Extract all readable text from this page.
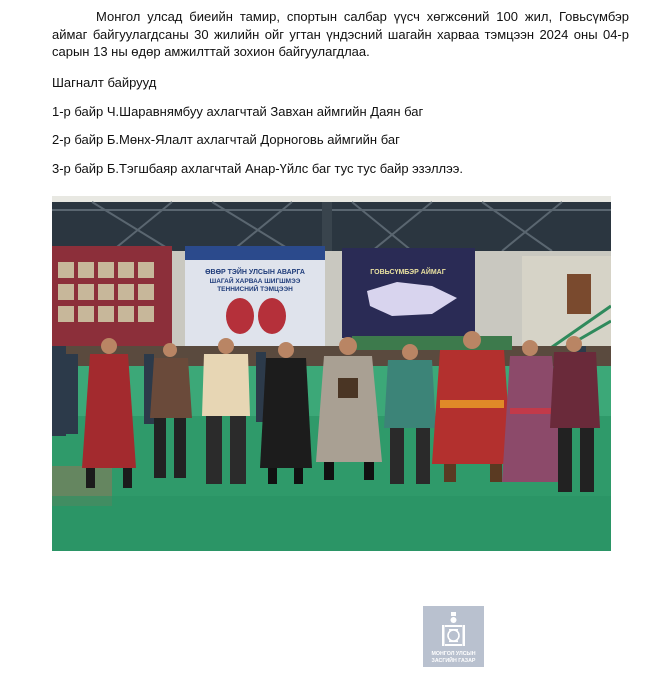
Монгол улсад биеийн тамир, спортын салбар үүсч хөгжсөний 100 жил, Говьсүмбэр аймаг байгуулагдсаны 30 жилийн ойг угтан үндэсний шагайн харваа тэмцээн 2024 оны 04-р сарын 13 ны өдөр амжилттай зохион байгуулагдлаа.

Шагналт байрууд

1-р байр Ч.Шаравнямбуу ахлагчтай Завхан аймгийн Даян баг

2-р байр Б.Мөнх-Ялалт ахлагчтай Дорноговь аймгийн баг

3-р байр Б.Тэгшбаяр ахлагчтай Анар-Үйлс баг тус тус байр эзэллээ.

ӨВӨР ТЭЙН УЛСЫН АВАРГА
ШАГАЙ ХАРВАА ШИГШМЭЭ
ТЕННИСНИЙ ТЭМЦЭЭН
ГОВЬСҮМБЭР АЙМАГ
МОНГОЛ УЛСЫН
ЗАСГИЙН ГАЗАР
